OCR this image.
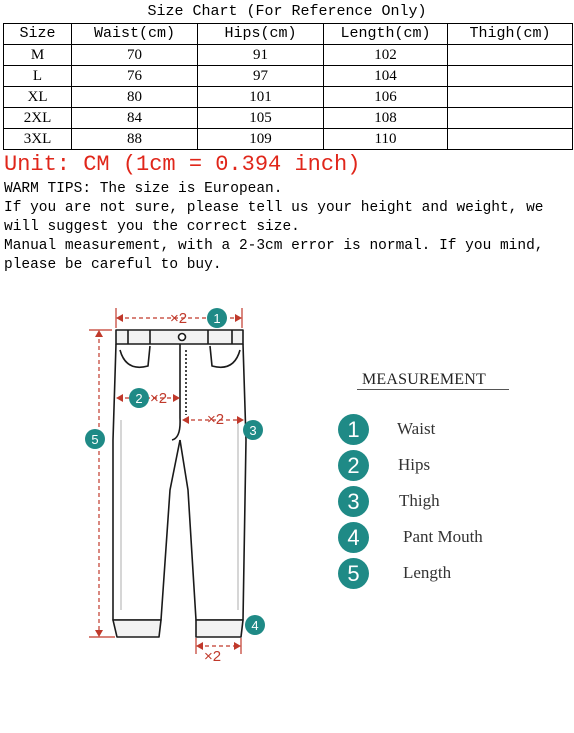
Size Chart (For Reference Only)
Size	Waist(cm)	Hips(cm)	Length(cm)	Thigh(cm)
M	70	91	102	
L	76	97	104	
XL	80	101	106	
2XL	84	105	108	
3XL	88	109	110	
Unit: CM (1cm = 0.394 inch)

WARM TIPS: The size is European.

If you are not sure, please tell us your height and weight, we will suggest you the correct size.

Manual measurement, with a 2-3cm error is normal. If you mind, please be careful to buy.

×2
×2
×2
×2
1
2
3
4
5
MEASUREMENT
1	Waist
2	Hips
3	Thigh
4	Pant Mouth
5	Length
